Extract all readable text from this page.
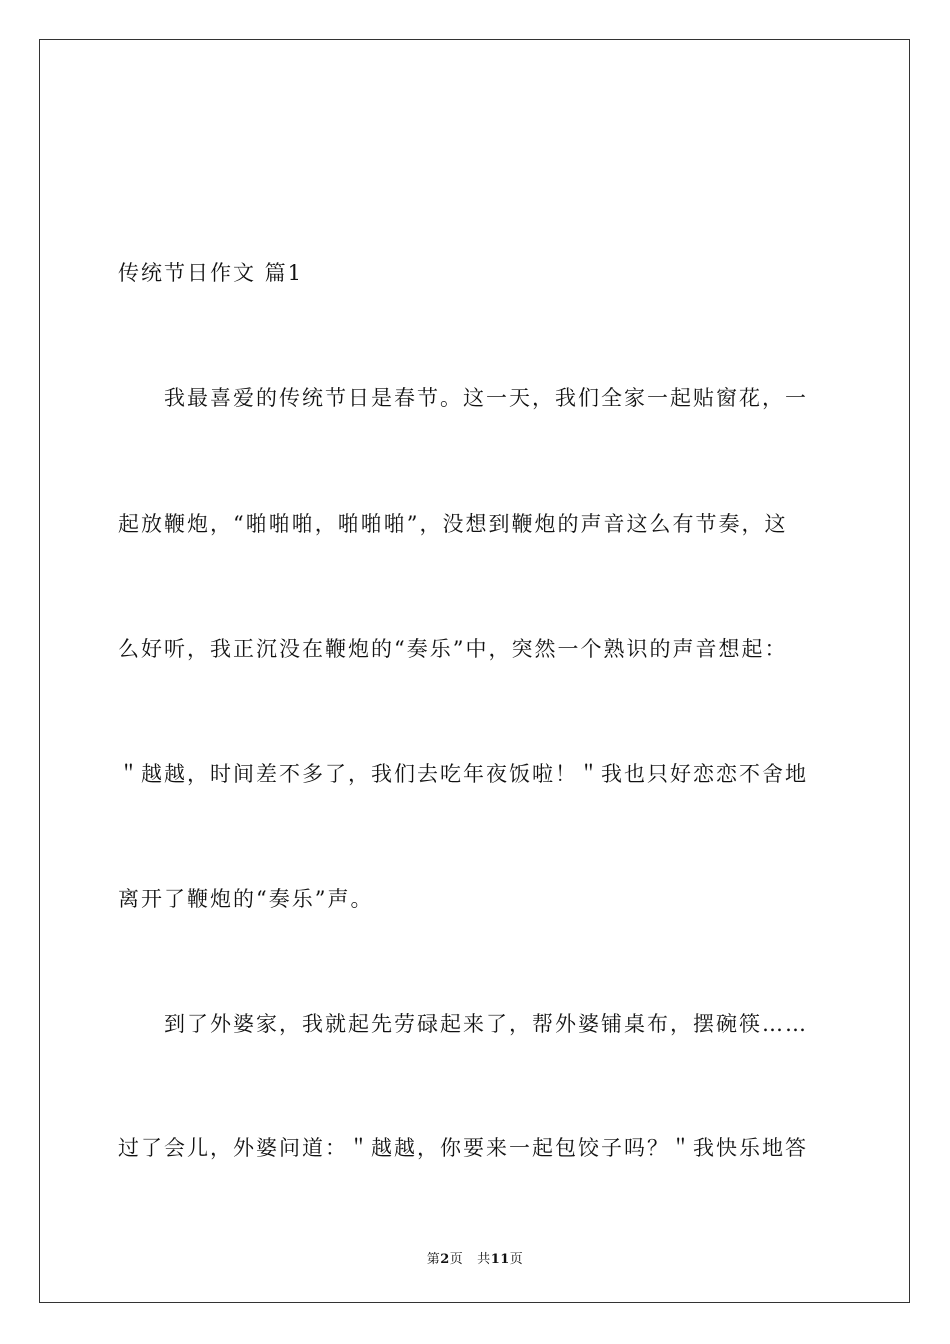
传统节日作文 篇1
　　我最喜爱的传统节日是春节。这一天，我们全家一起贴窗花，一
起放鞭炮，“啪啪啪，啪啪啪”，没想到鞭炮的声音这么有节奏，这
么好听，我正沉没在鞭炮的“奏乐”中，突然一个熟识的声音想起：
＂越越，时间差不多了，我们去吃年夜饭啦！＂我也只好恋恋不舍地
离开了鞭炮的“奏乐”声。
　　到了外婆家，我就起先劳碌起来了，帮外婆铺桌布，摆碗筷……
过了会儿，外婆问道：＂越越，你要来一起包饺子吗？＂我快乐地答
第2页 共11页
